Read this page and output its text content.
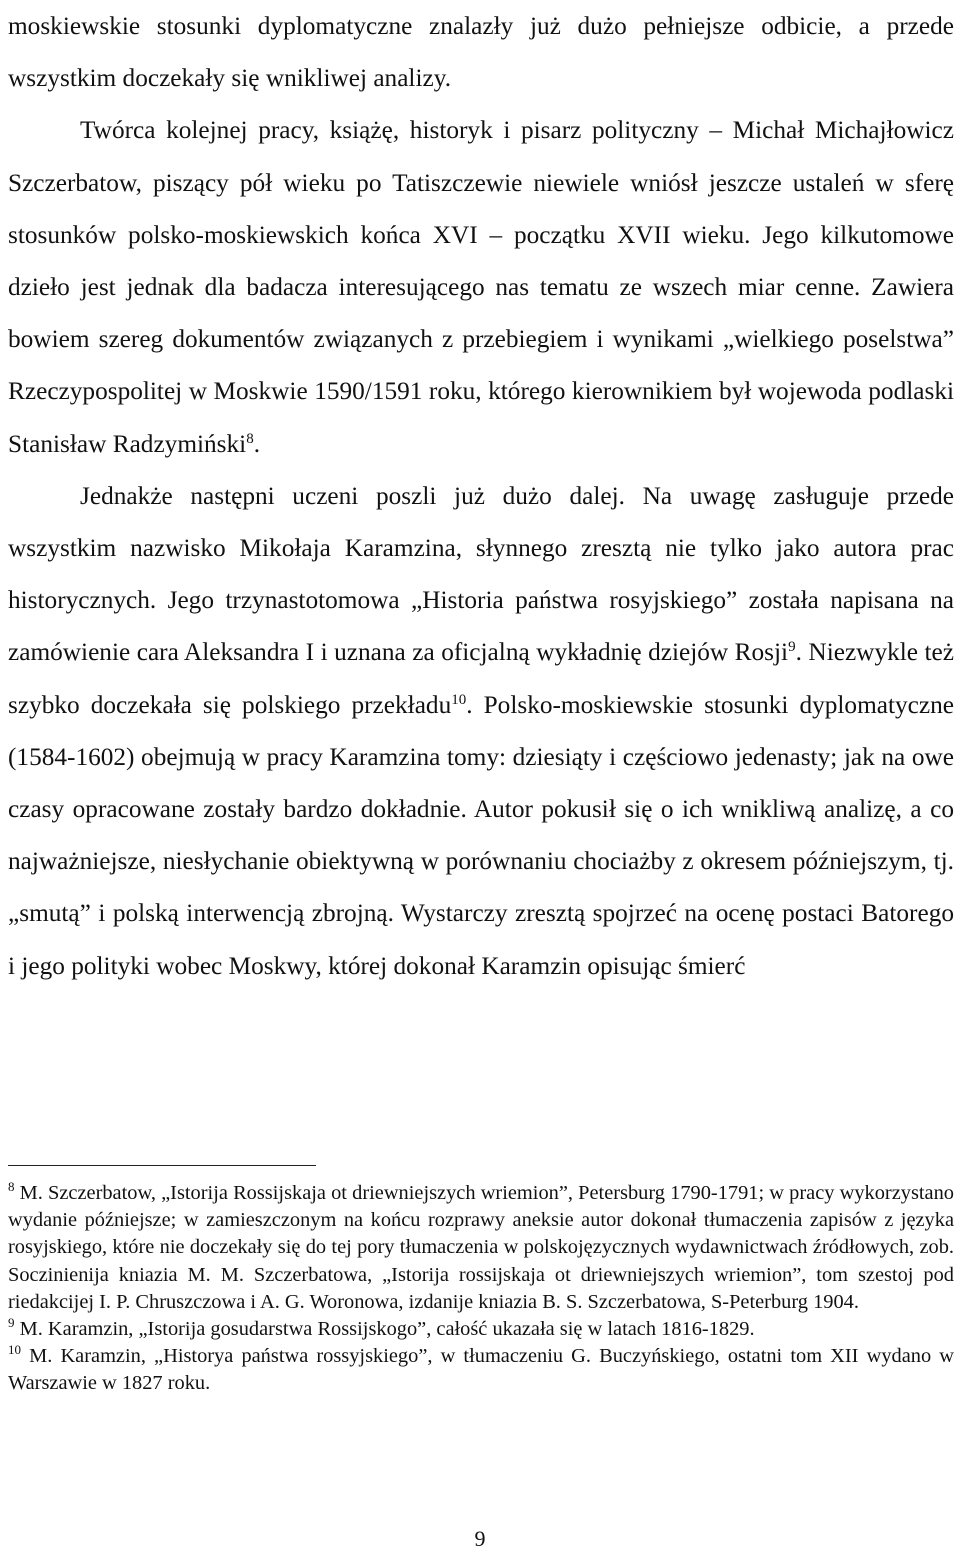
moskiewskie stosunki dyplomatyczne znalazły już dużo pełniejsze odbicie, a przede wszystkim doczekały się wnikliwej analizy.

Twórca kolejnej pracy, książę, historyk i pisarz polityczny – Michał Michajłowicz Szczerbatow, piszący pół wieku po Tatiszczewie niewiele wniósł jeszcze ustaleń w sferę stosunków polsko-moskiewskich końca XVI – początku XVII wieku. Jego kilkutomowe dzieło jest jednak dla badacza interesującego nas tematu ze wszech miar cenne. Zawiera bowiem szereg dokumentów związanych z przebiegiem i wynikami „wielkiego poselstwa” Rzeczypospolitej w Moskwie 1590/1591 roku, którego kierownikiem był wojewoda podlaski Stanisław Radzymiński$^8$.

Jednakże następni uczeni poszli już dużo dalej. Na uwagę zasługuje przede wszystkim nazwisko Mikołaja Karamzina, słynnego zresztą nie tylko jako autora prac historycznych. Jego trzynastotomowa „Historia państwa rosyjskiego” została napisana na zamówienie cara Aleksandra I i uznana za oficjalną wykładnię dziejów Rosji$^9$. Niezwykle też szybko doczekała się polskiego przekładu$^{10}$. Polsko-moskiewskie stosunki dyplomatyczne (1584-1602) obejmują w pracy Karamzina tomy: dziesiąty i częściowo jedenasty; jak na owe czasy opracowane zostały bardzo dokładnie. Autor pokusił się o ich wnikliwą analizę, a co najważniejsze, niesłychanie obiektywną w porównaniu chociażby z okresem późniejszym, tj. „smutą” i polską interwencją zbrojną. Wystarczy zresztą spojrzeć na ocenę postaci Batorego i jego polityki wobec Moskwy, której dokonał Karamzin opisując śmierć

$^8$ M. Szczerbatow, „Istorija Rossijskaja ot driewniejszych wriemion”, Petersburg 1790-1791; w pracy wykorzystano wydanie późniejsze; w zamieszczonym na końcu rozprawy aneksie autor dokonał tłumaczenia zapisów z języka rosyjskiego, które nie doczekały się do tej pory tłumaczenia w polskojęzycznych wydawnictwach źródłowych, zob. Soczinienija kniazia M. M. Szczerbatowa, „Istorija rossijskaja ot driewniejszych wriemion”, tom szestoj pod riedakcijej I. P. Chruszczowa i A. G. Woronowa, izdanije kniazia B. S. Szczerbatowa, S-Peterburg 1904.

$^9$ M. Karamzin, „Istorija gosudarstwa Rossijskogo”, całość ukazała się w latach 1816-1829.

$^{10}$ M. Karamzin, „Historya państwa rossyjskiego”, w tłumaczeniu G. Buczyńskiego, ostatni tom XII wydano w Warszawie w 1827 roku.

9
